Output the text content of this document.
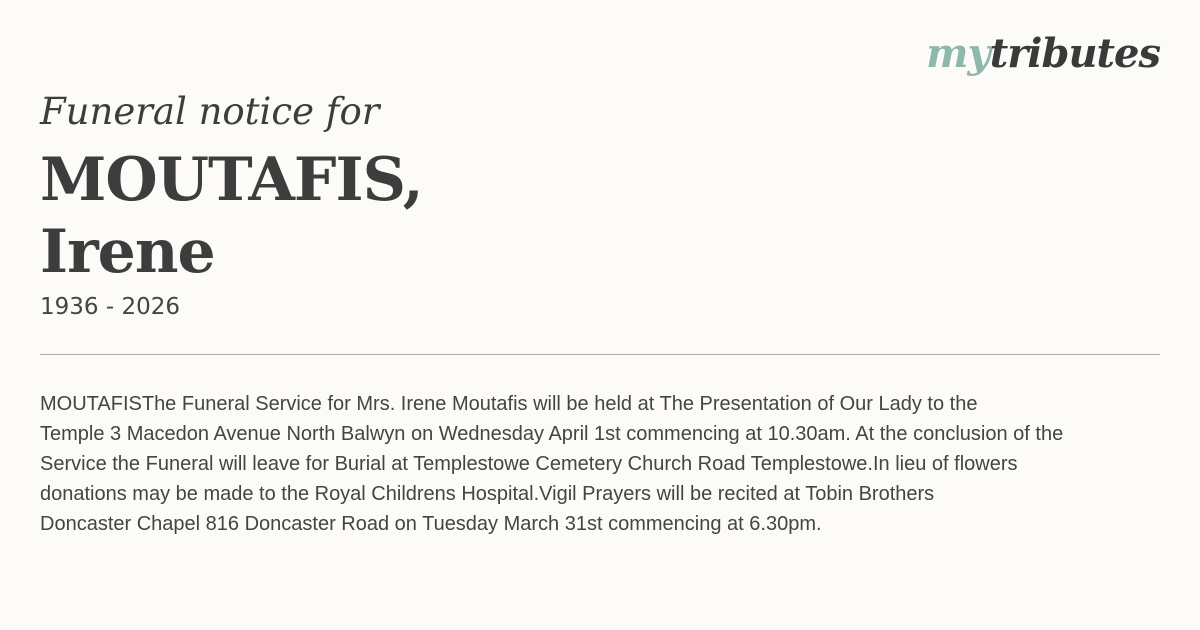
mytributes

Funeral notice for

MOUTAFIS,
Irene
1936 - 2026

MOUTAFISThe Funeral Service for Mrs. Irene Moutafis will be held at The Presentation of Our Lady to the
Temple 3 Macedon Avenue North Balwyn on Wednesday April 1st commencing at 10.30am. At the conclusion of the
Service the Funeral will leave for Burial at Templestowe Cemetery Church Road Templestowe.In lieu of flowers
donations may be made to the Royal Childrens Hospital.Vigil Prayers will be recited at Tobin Brothers
Doncaster Chapel 816 Doncaster Road on Tuesday March 31st commencing at 6.30pm.
